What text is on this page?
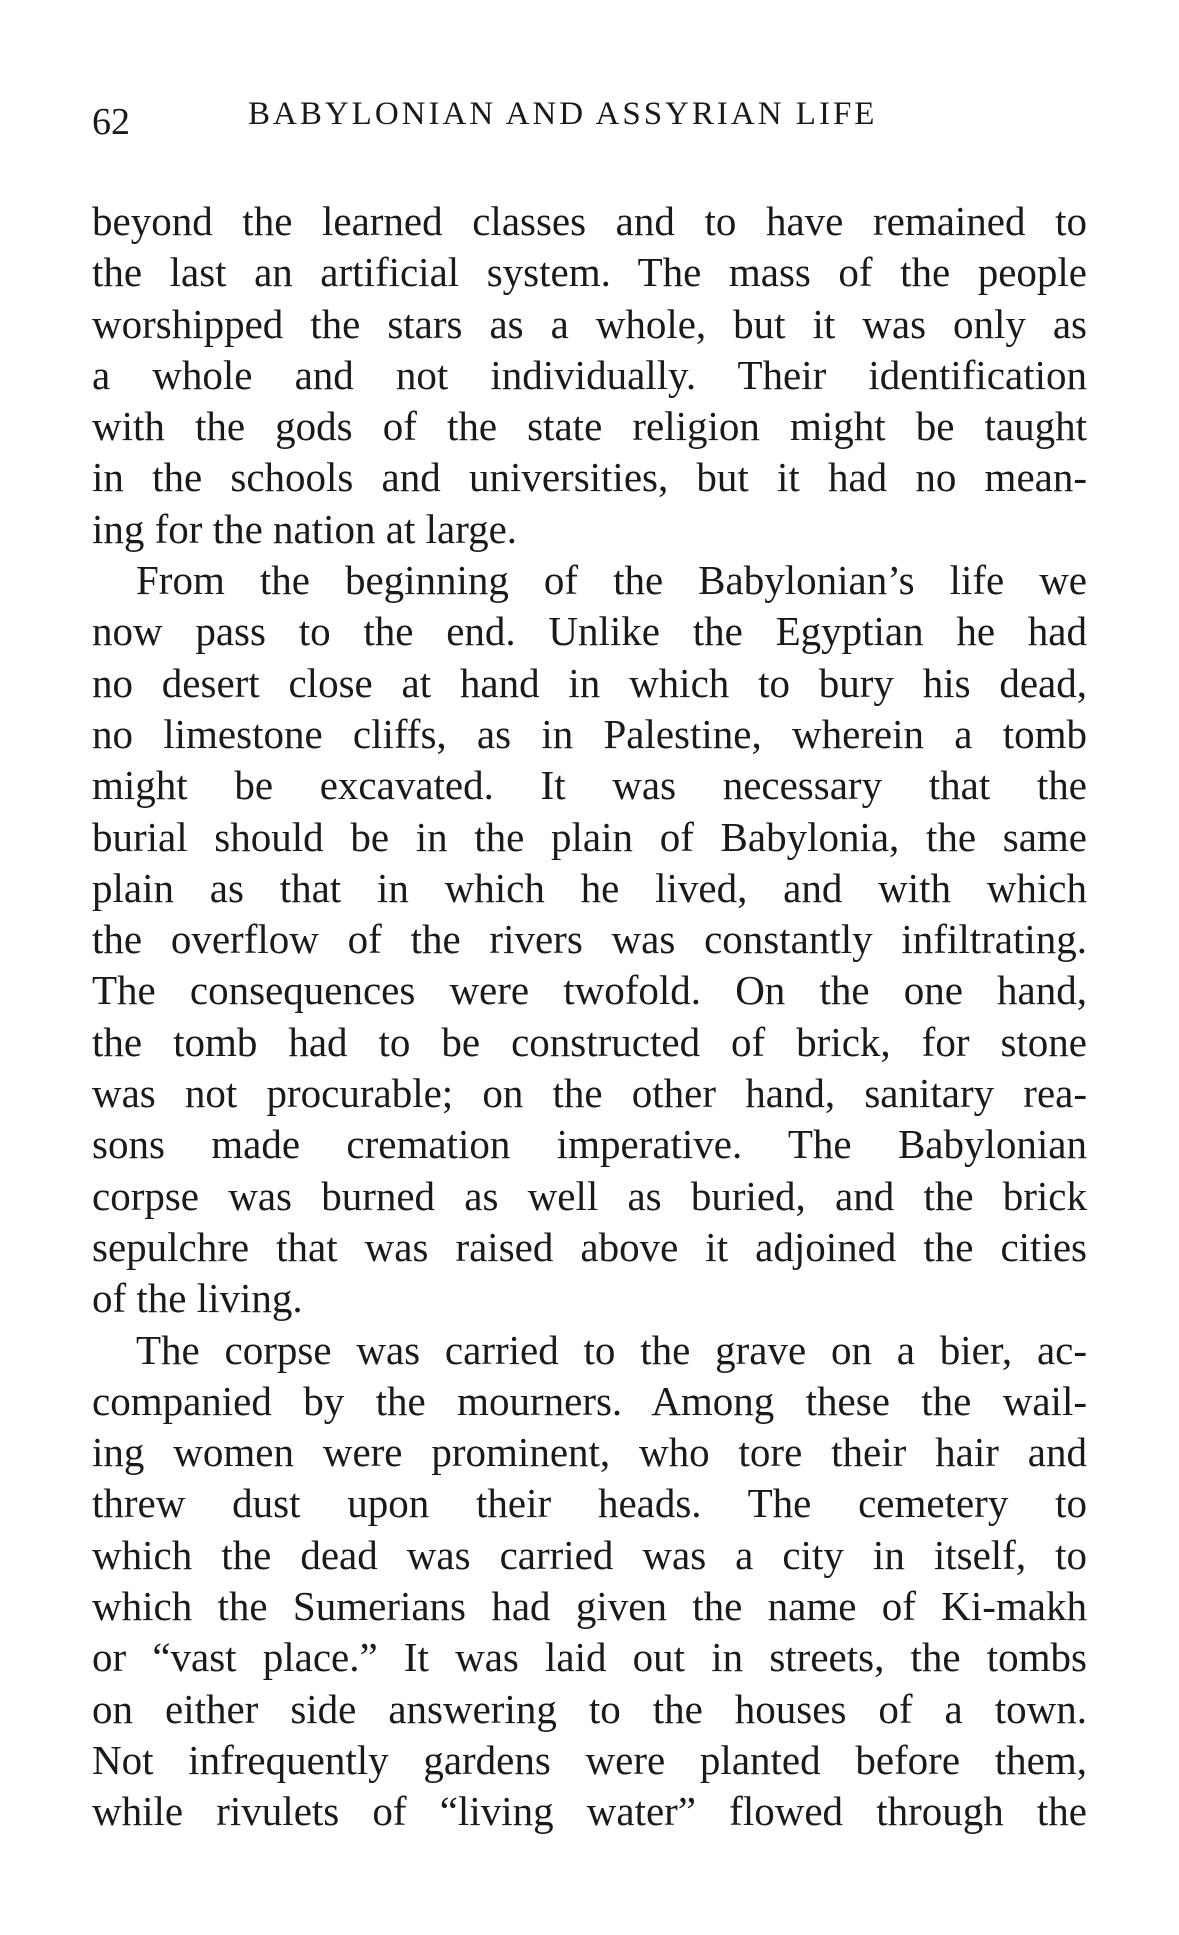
62	BABYLONIAN AND ASSYRIAN LIFE
beyond the learned classes and to have remained to
the last an artificial system. The mass of the people
worshipped the stars as a whole, but it was only as
a whole and not individually. Their identification
with the gods of the state religion might be taught
in the schools and universities, but it had no mean-
ing for the nation at large.
From the beginning of the Babylonian’s life we
now pass to the end. Unlike the Egyptian he had
no desert close at hand in which to bury his dead,
no limestone cliffs, as in Palestine, wherein a tomb
might be excavated. It was necessary that the
burial should be in the plain of Babylonia, the same
plain as that in which he lived, and with which
the overflow of the rivers was constantly infiltrating.
The consequences were twofold. On the one hand,
the tomb had to be constructed of brick, for stone
was not procurable; on the other hand, sanitary rea-
sons made cremation imperative. The Babylonian
corpse was burned as well as buried, and the brick
sepulchre that was raised above it adjoined the cities
of the living.
The corpse was carried to the grave on a bier, ac-
companied by the mourners. Among these the wail-
ing women were prominent, who tore their hair and
threw dust upon their heads. The cemetery to
which the dead was carried was a city in itself, to
which the Sumerians had given the name of Ki-makh
or “vast place.” It was laid out in streets, the tombs
on either side answering to the houses of a town.
Not infrequently gardens were planted before them,
while rivulets of “living water” flowed through the
